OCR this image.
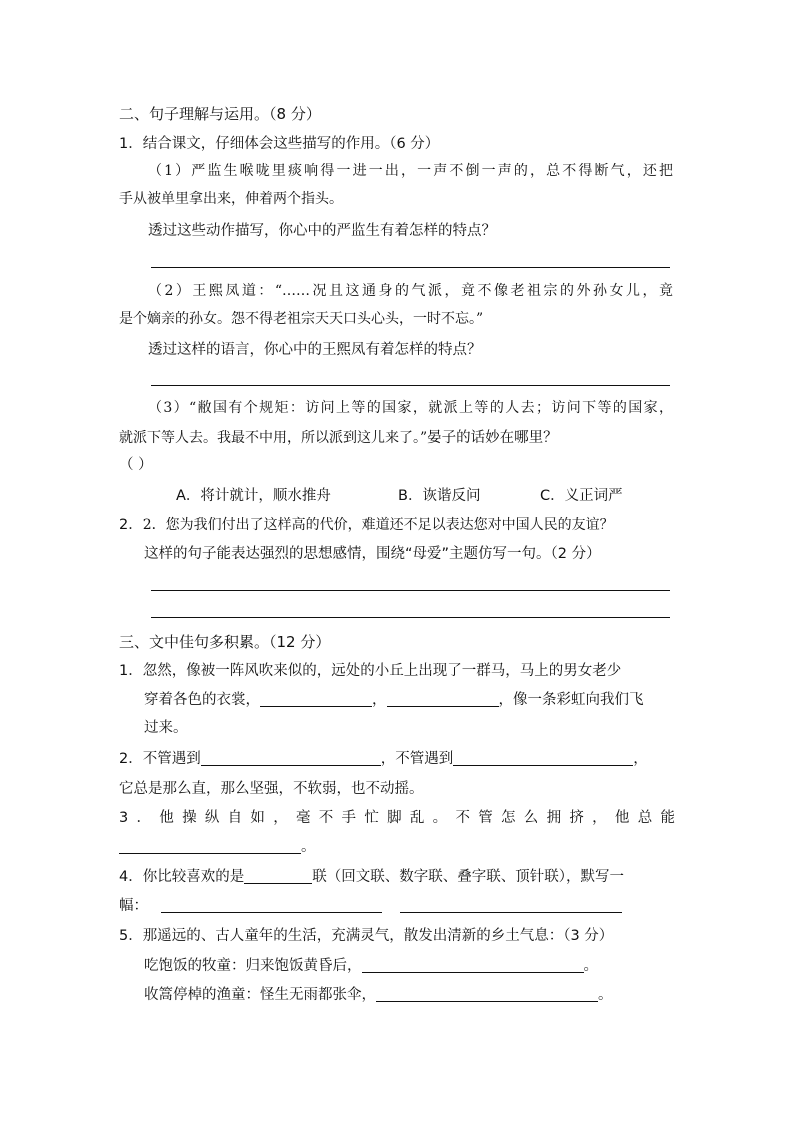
二、句子理解与运用。（8 分）
1．结合课文，仔细体会这些描写的作用。（6 分）
（1）严监生喉咙里痰响得一进一出，一声不倒一声的，总不得断气，还把
手从被单里拿出来，伸着两个指头。
透过这些动作描写，你心中的严监生有着怎样的特点？
（2）王熙凤道：“……况且这通身的气派，竟不像老祖宗的外孙女儿，竟
是个嫡亲的孙女。怨不得老祖宗天天口头心头，一时不忘。”
透过这样的语言，你心中的王熙凤有着怎样的特点？
（3）“敝国有个规矩：访问上等的国家，就派上等的人去；访问下等的国家，
就派下等人去。我最不中用，所以派到这儿来了。”晏子的话妙在哪里？
（ ）
A．将计就计，顺水推舟	B．诙谐反问	C．义正词严
2．2．您为我们付出了这样高的代价，难道还不足以表达您对中国人民的友谊？
这样的句子能表达强烈的思想感情，围绕“母爱”主题仿写一句。（2 分）
三、文中佳句多积累。（12 分）
1．忽然，像被一阵风吹来似的，远处的小丘上出现了一群马，马上的男女老少
穿着各色的衣裳，	，	，像一条彩虹向我们飞
过来。
2．不管遇到	，不管遇到	，
它总是那么直，那么坚强，不软弱，也不动摇。
3．他操纵自如，毫不手忙脚乱。不管怎么拥挤，他总能
。
4．你比较喜欢的是	联（回文联、数字联、叠字联、顶针联），默写一
幅：
5．那遥远的、古人童年的生活，充满灵气，散发出清新的乡土气息：（3 分）
吃饱饭的牧童：归来饱饭黄昏后，	。
收篙停棹的渔童：怪生无雨都张伞，	。
